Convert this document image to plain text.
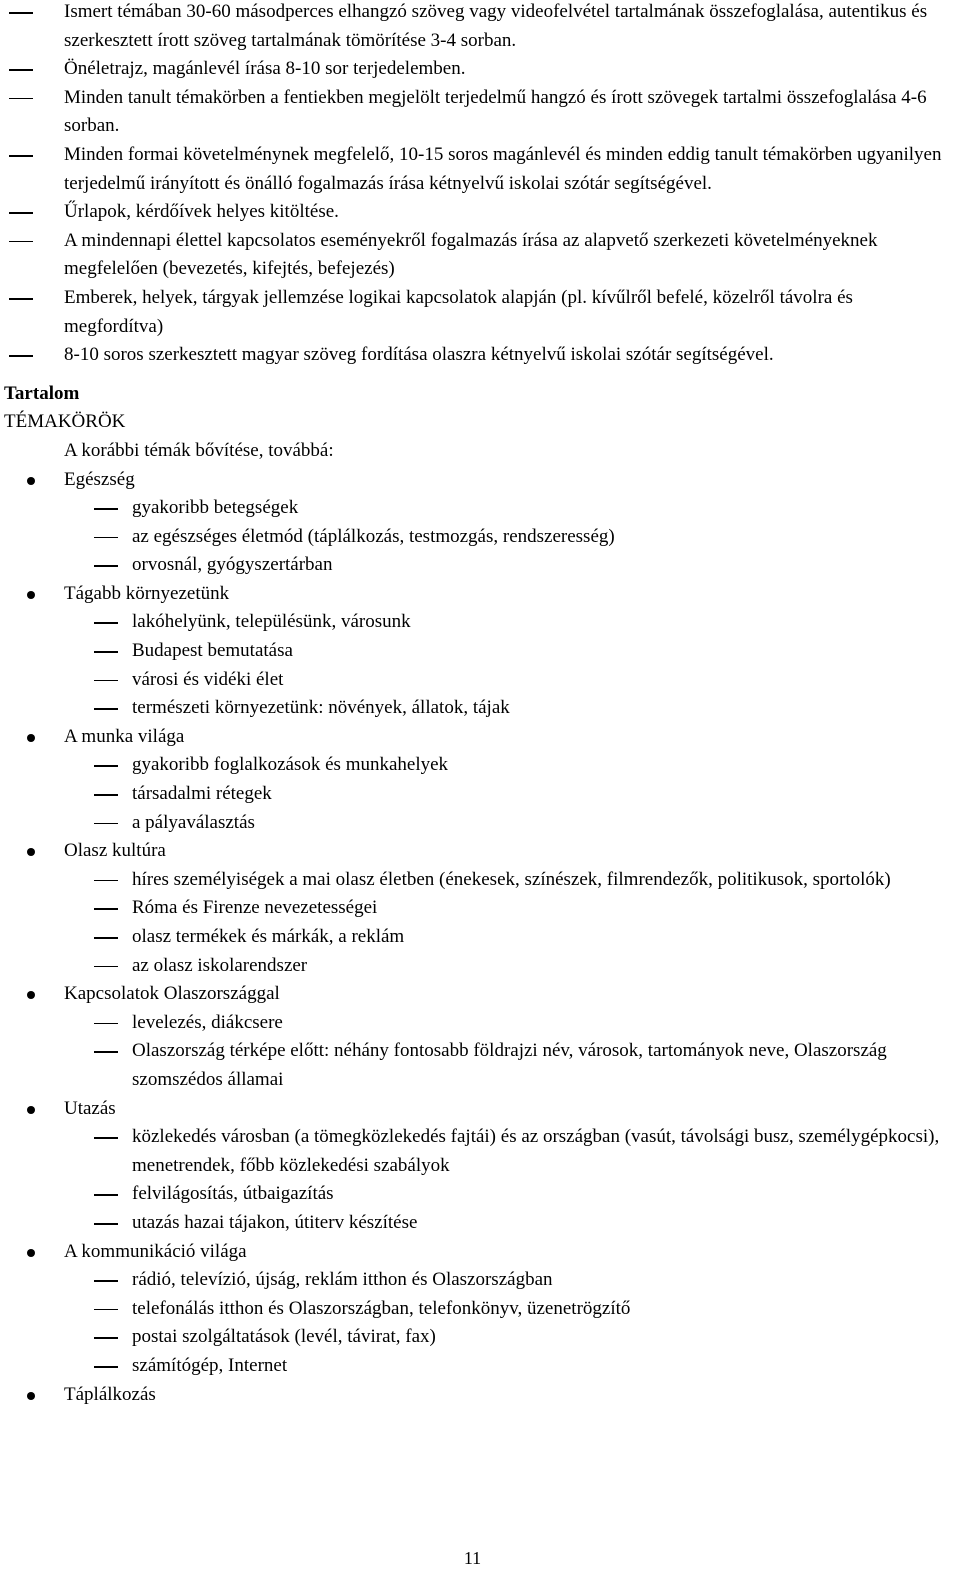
Ismert témában 30-60 másodperces elhangzó szöveg vagy videofelvétel tartalmának összefoglalása, autentikus és szerkesztett írott szöveg tartalmának tömörítése 3-4 sorban.
Önéletrajz, magánlevél írása 8-10 sor terjedelemben.
Minden tanult témakörben a fentiekben megjelölt terjedelmű hangzó és írott szövegek tartalmi összefoglalása 4-6 sorban.
Minden formai követelménynek megfelelő, 10-15 soros magánlevél és minden eddig tanult témakörben ugyanilyen terjedelmű irányított és önálló fogalmazás írása kétnyelvű iskolai szótár segítségével.
Űrlapok, kérdőívek helyes kitöltése.
A mindennapi élettel kapcsolatos eseményekről fogalmazás írása az alapvető szerkezeti követelményeknek megfelelően (bevezetés, kifejtés, befejezés)
Emberek, helyek, tárgyak jellemzése logikai kapcsolatok alapján (pl. kívűlről befelé, közelről távolra és megfordítva)
8-10 soros szerkesztett magyar szöveg fordítása olaszra kétnyelvű iskolai szótár segítségével.
Tartalom
TÉMAKÖRÖK
A korábbi témák bővítése, továbbá:
Egészség
gyakoribb betegségek
az egészséges életmód (táplálkozás, testmozgás, rendszeresség)
orvosnál, gyógyszertárban
Tágabb környezetünk
lakóhelyünk, településünk, városunk
Budapest bemutatása
városi és vidéki élet
természeti környezetünk: növények, állatok, tájak
A munka világa
gyakoribb foglalkozások és munkahelyek
társadalmi rétegek
a pályaválasztás
Olasz kultúra
híres személyiségek a mai olasz életben (énekesek, színészek, filmrendezők, politikusok, sportolók)
Róma és Firenze nevezetességei
olasz termékek és márkák, a reklám
az olasz iskolarendszer
Kapcsolatok Olaszországgal
levelezés, diákcsere
Olaszország térképe előtt: néhány fontosabb földrajzi név, városok, tartományok neve, Olaszország szomszédos államai
Utazás
közlekedés városban (a tömegközlekedés fajtái) és az országban (vasút, távolsági busz, személygépkocsi), menetrendek, főbb közlekedési szabályok
felvilágosítás, útbaigazítás
utazás hazai tájakon, útiterv készítése
A kommunikáció világa
rádió, televízió, újság, reklám itthon és Olaszországban
telefonálás itthon és Olaszországban, telefonkönyv, üzenetrögzítő
postai szolgáltatások (levél, távirat, fax)
számítógép, Internet
Táplálkozás
11
